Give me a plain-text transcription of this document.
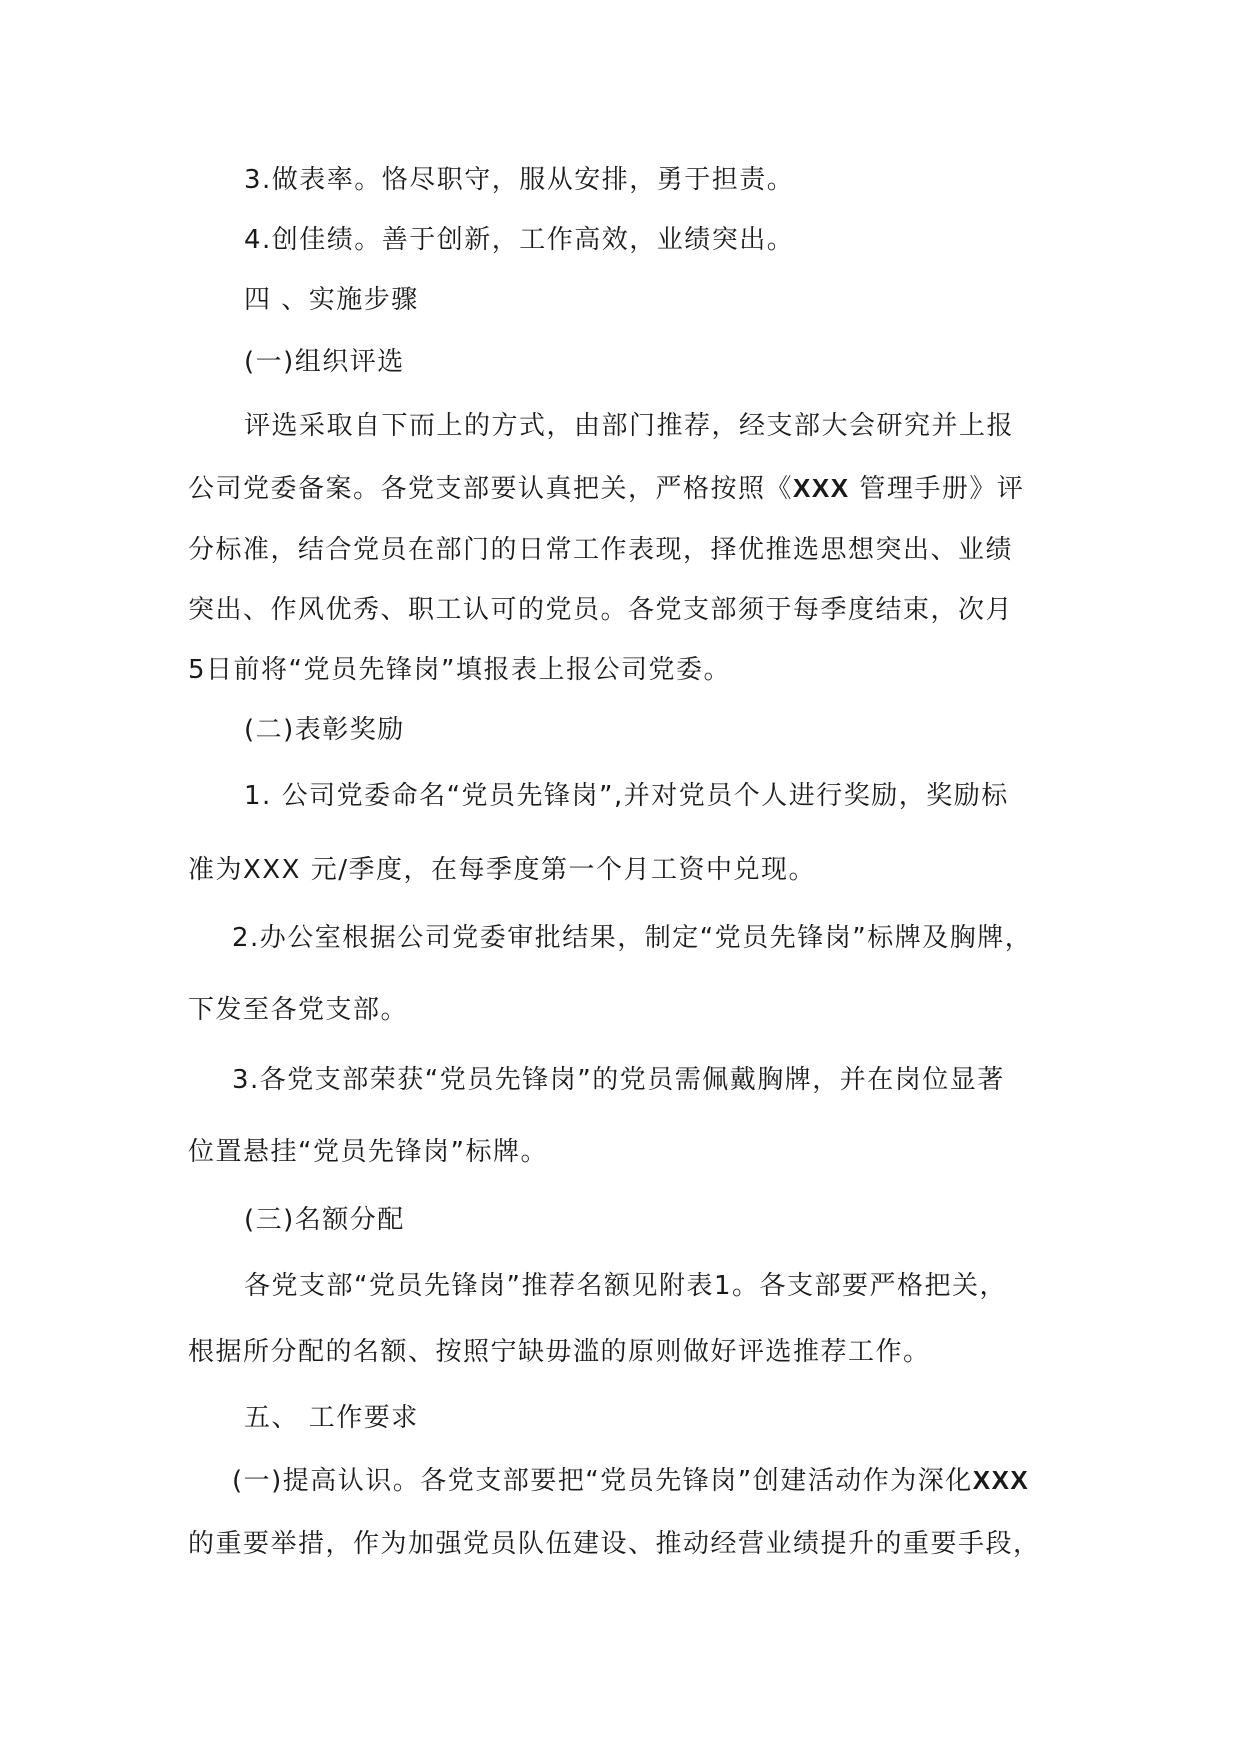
3.做表率。恪尽职守，服从安排，勇于担责。
4.创佳绩。善于创新，工作高效，业绩突出。
四 、实施步骤
(一)组织评选
评选采取自下而上的方式，由部门推荐，经支部大会研究并上报
公司党委备案。各党支部要认真把关，严格按照《XXX 管理手册》评
分标准，结合党员在部门的日常工作表现，择优推选思想突出、业绩
突出、作风优秀、职工认可的党员。各党支部须于每季度结束，次月
5日前将“党员先锋岗”填报表上报公司党委。
(二)表彰奖励
1. 公司党委命名“党员先锋岗”,并对党员个人进行奖励，奖励标
准为XXX 元/季度，在每季度第一个月工资中兑现。
2.办公室根据公司党委审批结果，制定“党员先锋岗”标牌及胸牌，
下发至各党支部。
3.各党支部荣获“党员先锋岗”的党员需佩戴胸牌，并在岗位显著
位置悬挂“党员先锋岗”标牌。
(三)名额分配
各党支部“党员先锋岗”推荐名额见附表1。各支部要严格把关，
根据所分配的名额、按照宁缺毋滥的原则做好评选推荐工作。
五、 工作要求
(一)提高认识。各党支部要把“党员先锋岗”创建活动作为深化XXX
的重要举措，作为加强党员队伍建设、推动经营业绩提升的重要手段，
